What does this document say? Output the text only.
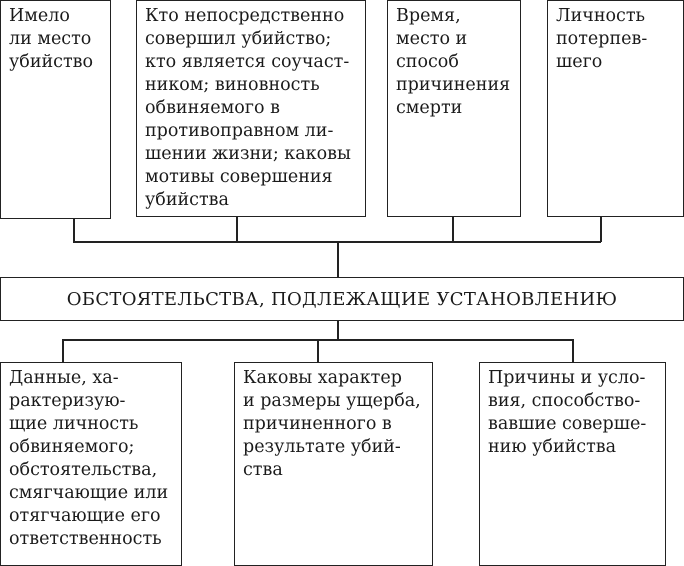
Имело
ли место
убийство
Кто непосредственно
совершил убийство;
кто является соучаст-
ником; виновность
обвиняемого в
противоправном ли-
шении жизни; каковы
мотивы совершения
убийства
Время,
место и
способ
причинения
смерти
Личность
потерпев-
шего
ОБСТОЯТЕЛЬСТВА, ПОДЛЕЖАЩИЕ УСТАНОВЛЕНИЮ
Данные, ха-
рактеризую-
щие личность
обвиняемого;
обстоятельства,
смягчающие или
отягчающие его
ответственность
Каковы характер
и размеры ущерба,
причиненного в
результате убий-
ства
Причины и усло-
вия, способство-
вавшие соверше-
нию убийства
